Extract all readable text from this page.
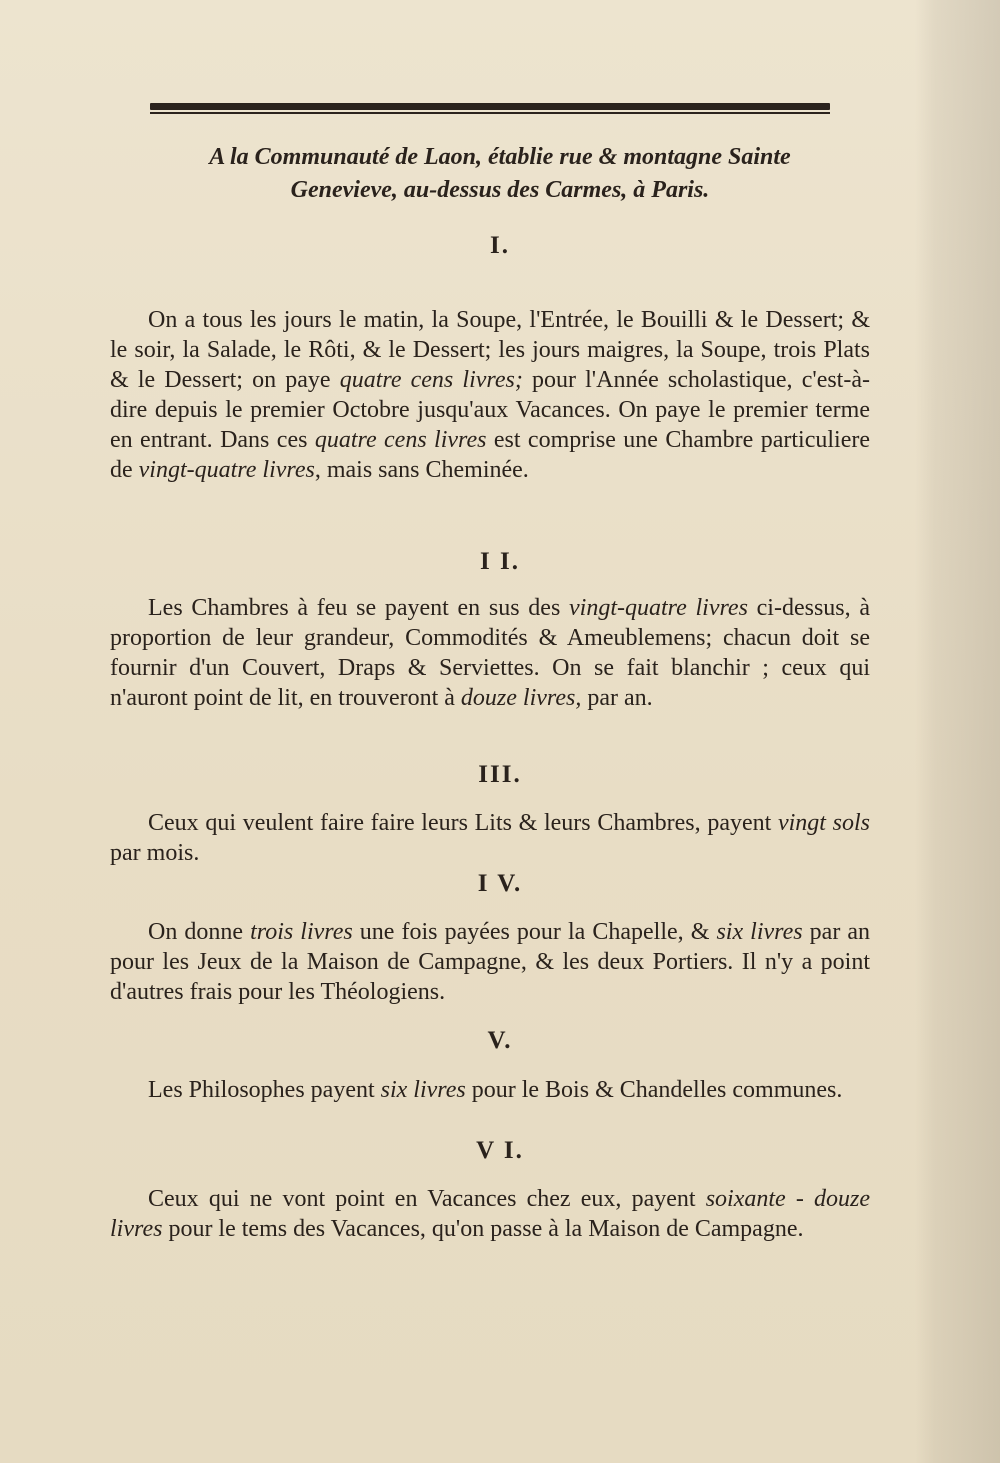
A la Communauté de Laon, établie rue & montagne Sainte
Genevieve, au-dessus des Carmes, à Paris.
I.

On a tous les jours le matin, la Soupe, l'Entrée, le Bouilli & le Dessert; & le soir, la Salade, le Rôti, & le Dessert; les jours maigres, la Soupe, trois Plats & le Dessert; on paye quatre cens livres; pour l'Année scholastique, c'est-à-dire depuis le premier Octobre jusqu'aux Vacances. On paye le premier terme en entrant. Dans ces quatre cens livres est comprise une Chambre particuliere de vingt-quatre livres, mais sans Cheminée.

I I.

Les Chambres à feu se payent en sus des vingt-quatre livres ci-dessus, à proportion de leur grandeur, Commodités & Ameublemens; chacun doit se fournir d'un Couvert, Draps & Serviettes. On se fait blanchir ; ceux qui n'auront point de lit, en trouveront à douze livres, par an.

III.

Ceux qui veulent faire faire leurs Lits & leurs Chambres, payent vingt sols par mois.

I V.

On donne trois livres une fois payées pour la Chapelle, & six livres par an pour les Jeux de la Maison de Campagne, & les deux Portiers. Il n'y a point d'autres frais pour les Théologiens.

V.

Les Philosophes payent six livres pour le Bois & Chandelles communes.

V I.

Ceux qui ne vont point en Vacances chez eux, payent soixante - douze livres pour le tems des Vacances, qu'on passe à la Maison de Campagne.
